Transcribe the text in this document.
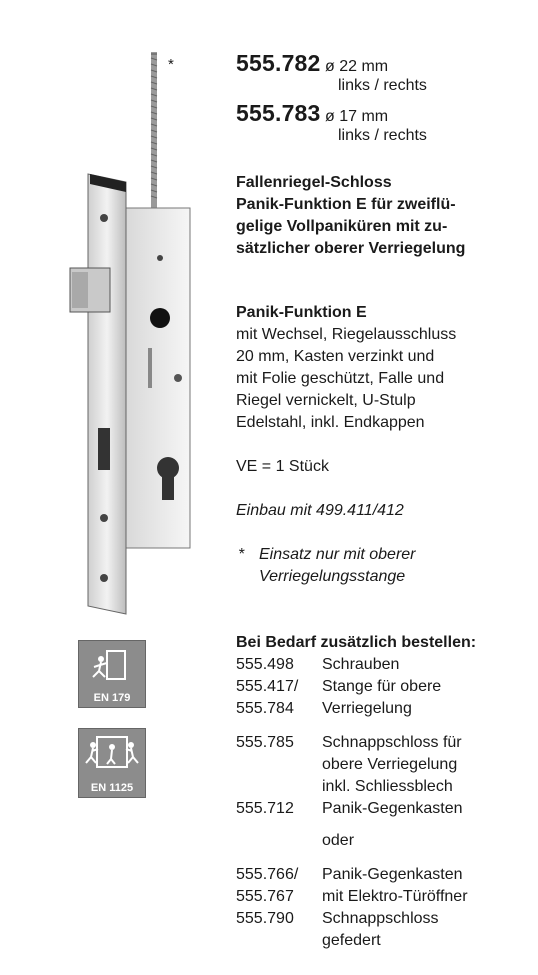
*	555.782 ø 22 mm
links / rechts
555.783 ø 17 mm
links / rechts
Fallenriegel-Schloss
Panik-Funktion E für zweiflü-
gelige Vollpaniküren mit zu-
sätzlicher oberer Verriegelung
Panik-Funktion E
mit Wechsel, Riegelausschluss
20 mm, Kasten verzinkt und
mit Folie geschützt, Falle und
Riegel vernickelt, U-Stulp
Edelstahl, inkl. Endkappen
VE = 1 Stück
Einbau mit 499.411/412
* Einsatz nur mit oberer
Verriegelungsstange
Bei Bedarf zusätzlich bestellen:
555.498 Schrauben
555.417/ Stange für obere
555.784 Verriegelung
555.785 Schnappschloss für
obere Verriegelung
inkl. Schliessblech
555.712 Panik-Gegenkasten
oder
555.766/ Panik-Gegenkasten
555.767 mit Elektro-Türöffner
555.790 Schnappschloss
gefedert
EN 179
EN 1125
